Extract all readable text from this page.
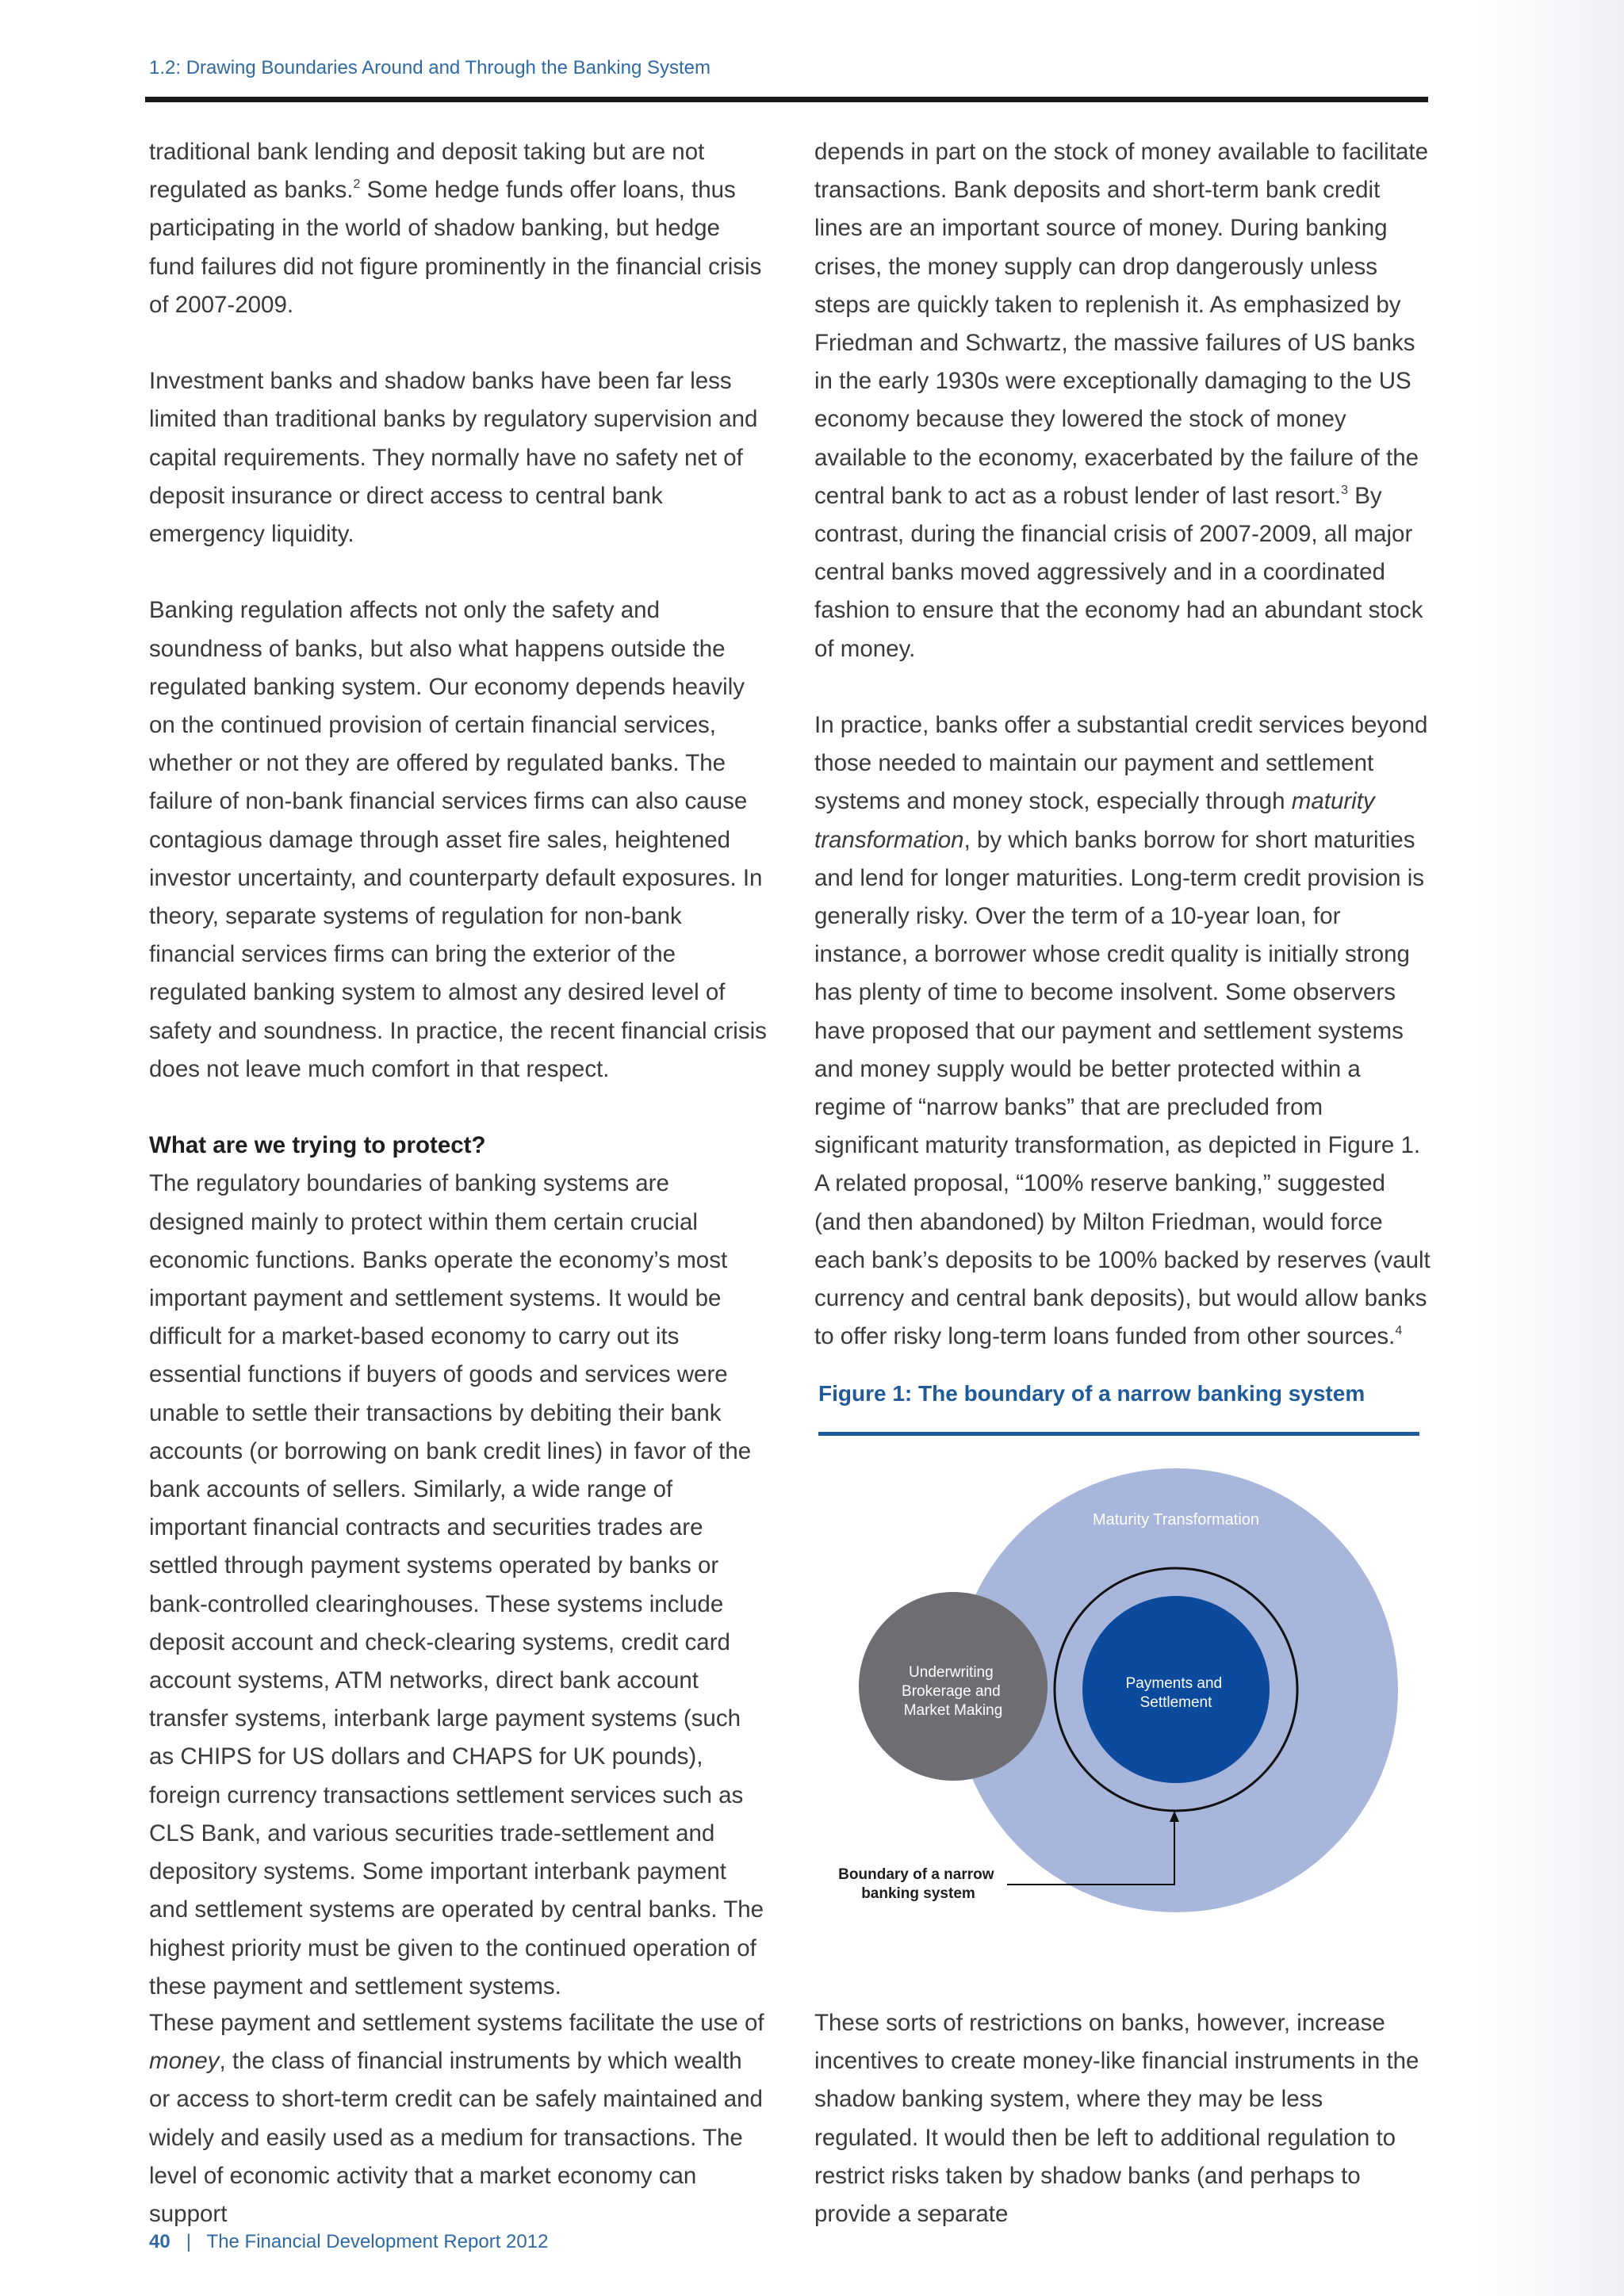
1.2: Drawing Boundaries Around and Through the Banking System

traditional bank lending and deposit taking but are not regulated as banks.$^2$ Some hedge funds offer loans, thus participating in the world of shadow banking, but hedge fund failures did not figure prominently in the financial crisis of 2007-2009.

Investment banks and shadow banks have been far less limited than traditional banks by regulatory supervision and capital requirements. They normally have no safety net of deposit insurance or direct access to central bank emergency liquidity.

Banking regulation affects not only the safety and soundness of banks, but also what happens outside the regulated banking system. Our economy depends heavily on the continued provision of certain financial services, whether or not they are offered by regulated banks. The failure of non-bank financial services firms can also cause contagious damage through asset fire sales, heightened investor uncertainty, and counterparty default exposures. In theory, separate systems of regulation for non-bank financial services firms can bring the exterior of the regulated banking system to almost any desired level of safety and soundness. In practice, the recent financial crisis does not leave much comfort in that respect.

What are we trying to protect?

The regulatory boundaries of banking systems are designed mainly to protect within them certain crucial economic functions. Banks operate the economy’s most important payment and settlement systems. It would be difficult for a market-based economy to carry out its essential functions if buyers of goods and services were unable to settle their transactions by debiting their bank accounts (or borrowing on bank credit lines) in favor of the bank accounts of sellers. Similarly, a wide range of important financial contracts and securities trades are settled through payment systems operated by banks or bank-controlled clearinghouses. These systems include deposit account and check-clearing systems, credit card account systems, ATM networks, direct bank account transfer systems, interbank large payment systems (such as CHIPS for US dollars and CHAPS for UK pounds), foreign currency transactions settlement services such as CLS Bank, and various securities trade-settlement and depository systems. Some important interbank payment and settlement systems are operated by central banks. The highest priority must be given to the continued operation of these payment and settlement systems.

These payment and settlement systems facilitate the use of money, the class of financial instruments by which wealth or access to short-term credit can be safely maintained and widely and easily used as a medium for transactions. The level of economic activity that a market economy can support

depends in part on the stock of money available to facilitate transactions. Bank deposits and short-term bank credit lines are an important source of money. During banking crises, the money supply can drop dangerously unless steps are quickly taken to replenish it. As emphasized by Friedman and Schwartz, the massive failures of US banks in the early 1930s were exceptionally damaging to the US economy because they lowered the stock of money available to the economy, exacerbated by the failure of the central bank to act as a robust lender of last resort.$^3$ By contrast, during the financial crisis of 2007-2009, all major central banks moved aggressively and in a coordinated fashion to ensure that the economy had an abundant stock of money.

In practice, banks offer a substantial credit services beyond those needed to maintain our payment and settlement systems and money stock, especially through maturity transformation, by which banks borrow for short maturities and lend for longer maturities. Long-term credit provision is generally risky. Over the term of a 10-year loan, for instance, a borrower whose credit quality is initially strong has plenty of time to become insolvent. Some observers have proposed that our payment and settlement systems and money supply would be better protected within a regime of “narrow banks” that are precluded from significant maturity transformation, as depicted in Figure 1. A related proposal, “100% reserve banking,” suggested (and then abandoned) by Milton Friedman, would force each bank’s deposits to be 100% backed by reserves (vault currency and central bank deposits), but would allow banks to offer risky long-term loans funded from other sources.$^4$

Figure 1: The boundary of a narrow banking system
Maturity Transformation
Payments and Settlement
Underwriting Brokerage and Market Making
Boundary of a narrow banking system
These sorts of restrictions on banks, however, increase incentives to create money-like financial instruments in the shadow banking system, where they may be less regulated. It would then be left to additional regulation to restrict risks taken by shadow banks (and perhaps to provide a separate
40 | The Financial Development Report 2012
